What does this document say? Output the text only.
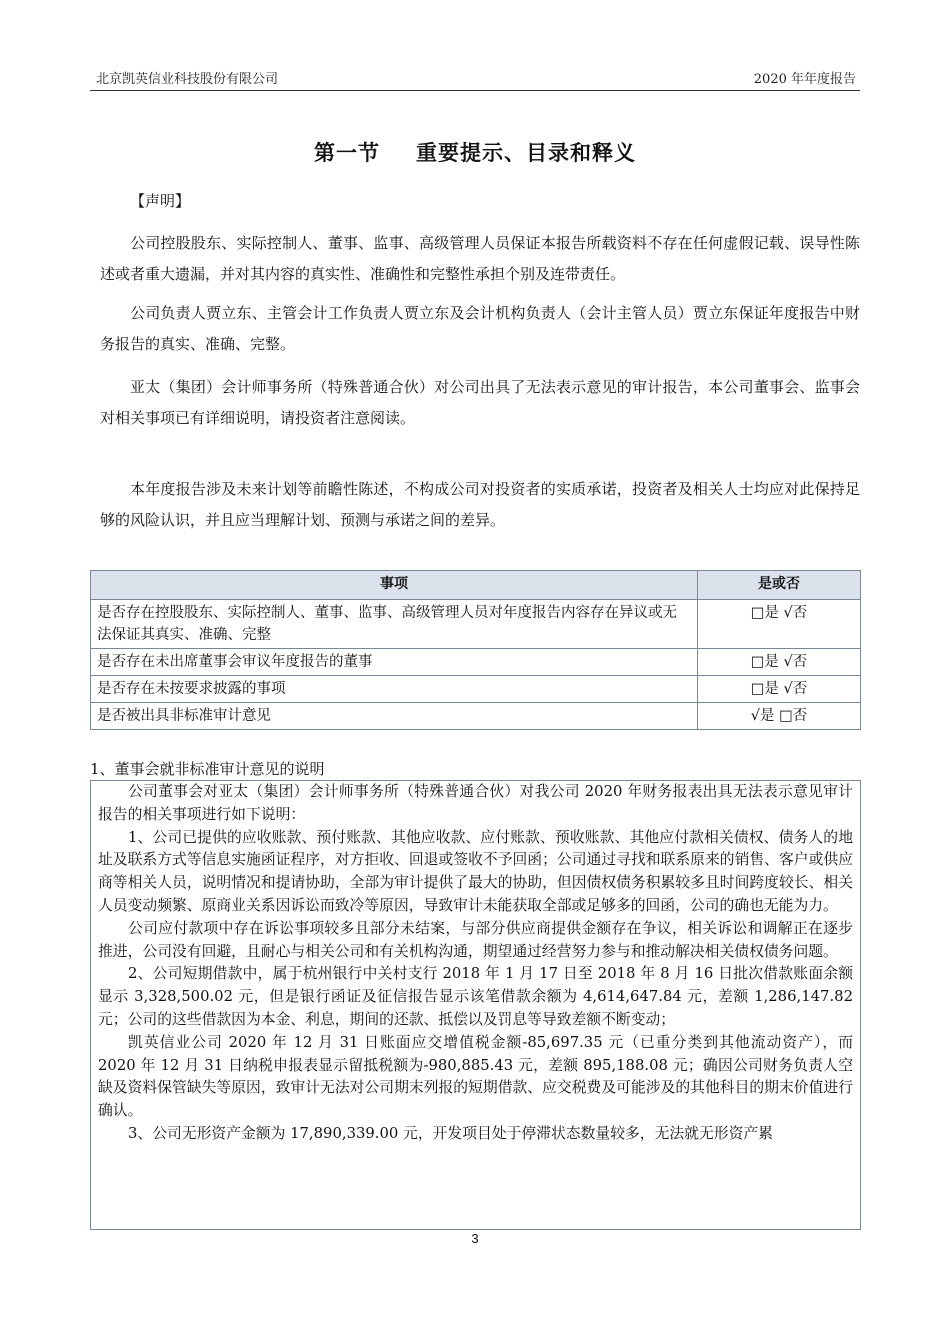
北京凯英信业科技股份有限公司	2020 年年度报告
第一节 重要提示、目录和释义
【声明】
公司控股股东、实际控制人、董事、监事、高级管理人员保证本报告所载资料不存在任何虚假记载、误导性陈述或者重大遗漏，并对其内容的真实性、准确性和完整性承担个别及连带责任。
公司负责人贾立东、主管会计工作负责人贾立东及会计机构负责人（会计主管人员）贾立东保证年度报告中财务报告的真实、准确、完整。
亚太（集团）会计师事务所（特殊普通合伙）对公司出具了无法表示意见的审计报告，本公司董事会、监事会对相关事项已有详细说明，请投资者注意阅读。
本年度报告涉及未来计划等前瞻性陈述，不构成公司对投资者的实质承诺，投资者及相关人士均应对此保持足够的风险认识，并且应当理解计划、预测与承诺之间的差异。
事项	是或否
是否存在控股股东、实际控制人、董事、监事、高级管理人员对年度报告内容存在异议或无法保证其真实、准确、完整	□是 √否
是否存在未出席董事会审议年度报告的董事	□是 √否
是否存在未按要求披露的事项	□是 √否
是否被出具非标准审计意见	√是 □否
1、董事会就非标准审计意见的说明

公司董事会对亚太（集团）会计师事务所（特殊普通合伙）对我公司 2020 年财务报表出具无法表示意见审计报告的相关事项进行如下说明：

1、公司已提供的应收账款、预付账款、其他应收款、应付账款、预收账款、其他应付款相关债权、债务人的地址及联系方式等信息实施函证程序，对方拒收、回退或签收不予回函；公司通过寻找和联系原来的销售、客户或供应商等相关人员，说明情况和提请协助，全部为审计提供了最大的协助，但因债权债务积累较多且时间跨度较长、相关人员变动频繁、原商业关系因诉讼而致冷等原因，导致审计未能获取全部或足够多的回函，公司的确也无能为力。

公司应付款项中存在诉讼事项较多且部分未结案，与部分供应商提供金额存在争议，相关诉讼和调解正在逐步推进，公司没有回避，且耐心与相关公司和有关机构沟通，期望通过经营努力参与和推动解决相关债权债务问题。

2、公司短期借款中，属于杭州银行中关村支行 2018 年 1 月 17 日至 2018 年 8 月 16 日批次借款账面余额显示 3,328,500.02 元，但是银行函证及征信报告显示该笔借款余额为 4,614,647.84 元，差额 1,286,147.82 元；公司的这些借款因为本金、利息，期间的还款、抵偿以及罚息等导致差额不断变动；

凯英信业公司 2020 年 12 月 31 日账面应交增值税金额-85,697.35 元（已重分类到其他流动资产），而 2020 年 12 月 31 日纳税申报表显示留抵税额为-980,885.43 元，差额 895,188.08 元；确因公司财务负责人空缺及资料保管缺失等原因，致审计无法对公司期末列报的短期借款、应交税费及可能涉及的其他科目的期末价值进行确认。

3、公司无形资产金额为 17,890,339.00 元，开发项目处于停滞状态数量较多，无法就无形资产累

3
